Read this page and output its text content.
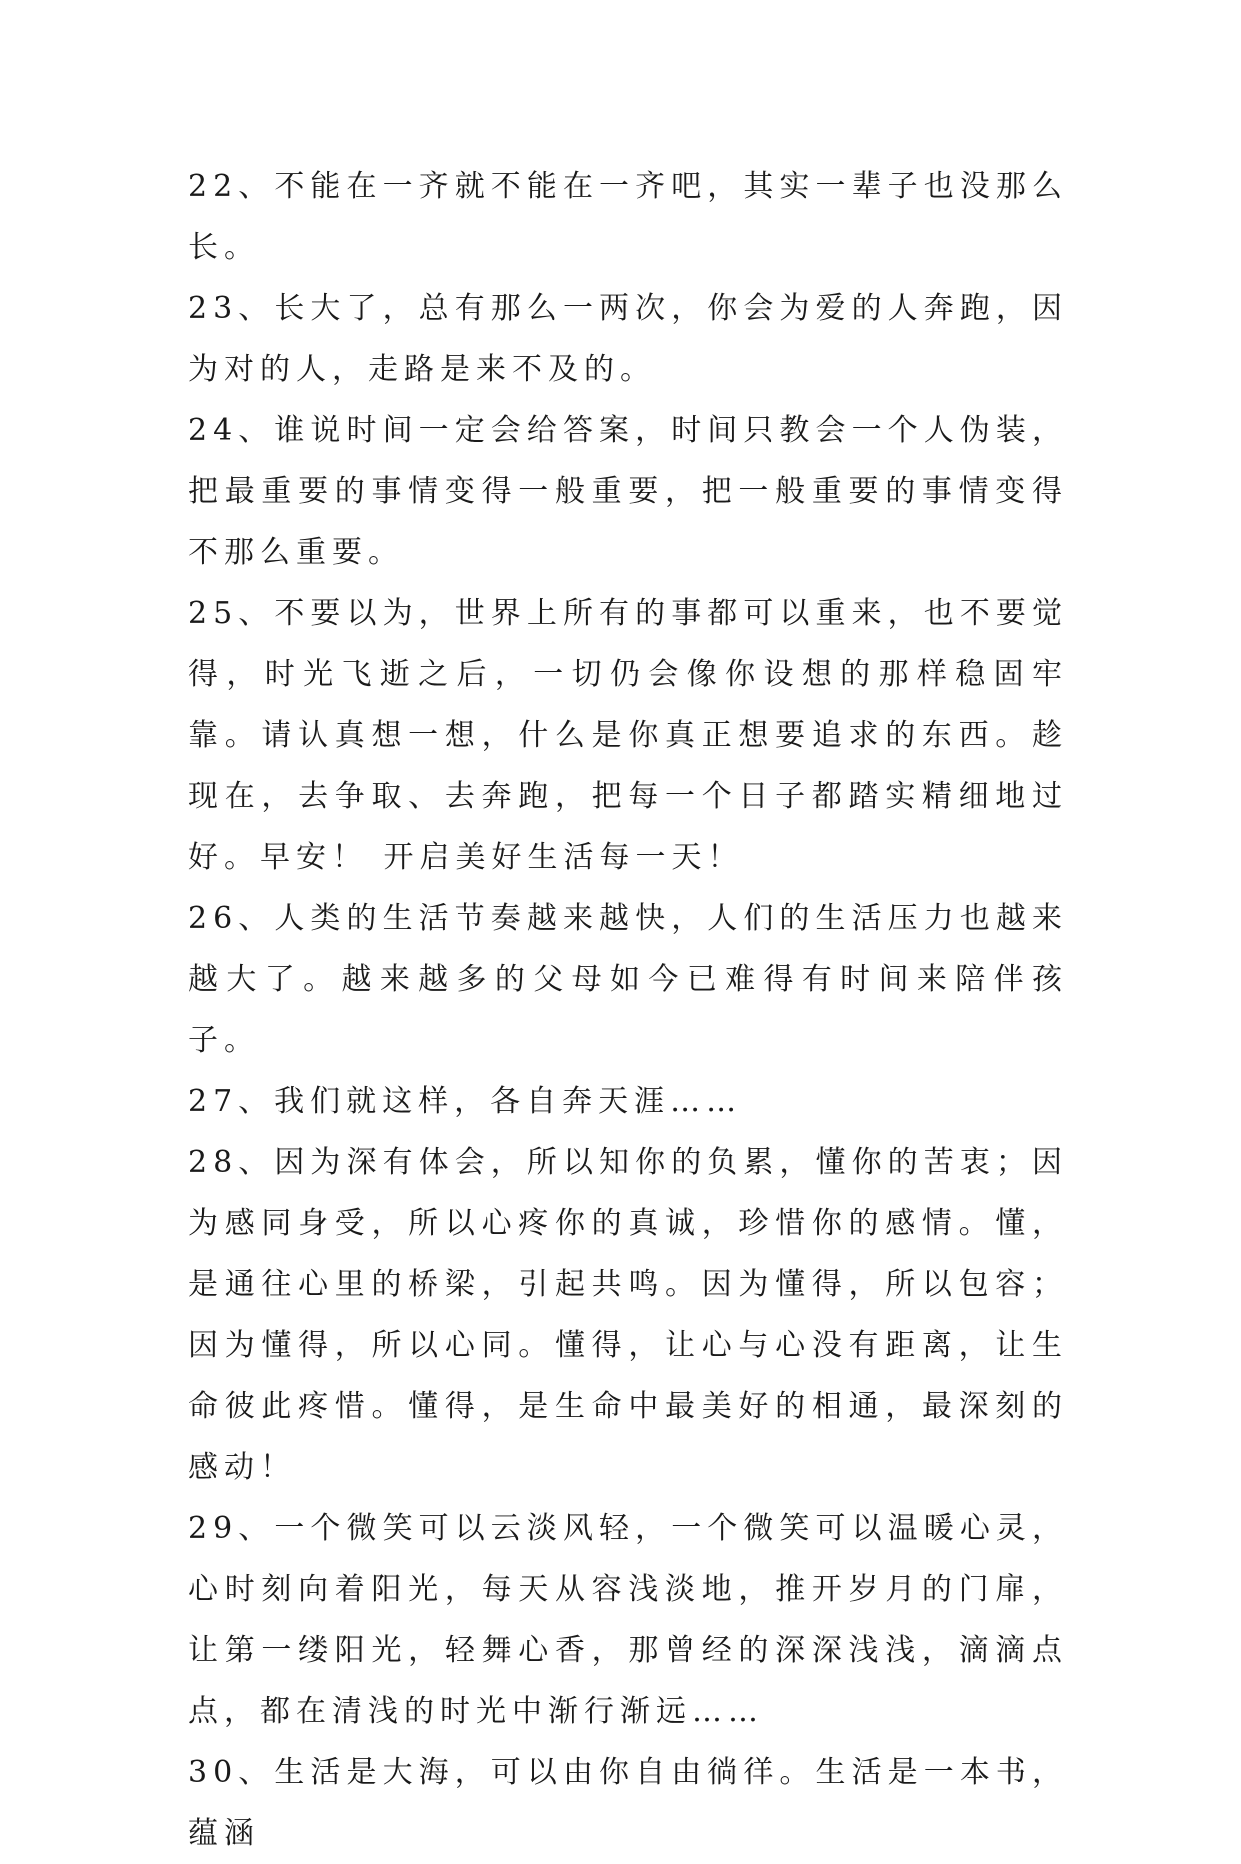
22、不能在一齐就不能在一齐吧，其实一辈子也没那么长。

23、长大了，总有那么一两次，你会为爱的人奔跑，因为对的人，走路是来不及的。

24、谁说时间一定会给答案，时间只教会一个人伪装，把最重要的事情变得一般重要，把一般重要的事情变得不那么重要。

25、不要以为，世界上所有的事都可以重来，也不要觉得，时光飞逝之后，一切仍会像你设想的那样稳固牢靠。请认真想一想，什么是你真正想要追求的东西。趁现在，去争取、去奔跑，把每一个日子都踏实精细地过好。早安！ 开启美好生活每一天！

26、人类的生活节奏越来越快，人们的生活压力也越来越大了。越来越多的父母如今已难得有时间来陪伴孩子。

27、我们就这样，各自奔天涯……

28、因为深有体会，所以知你的负累，懂你的苦衷；因为感同身受，所以心疼你的真诚，珍惜你的感情。懂，是通往心里的桥梁，引起共鸣。因为懂得，所以包容；因为懂得，所以心同。懂得，让心与心没有距离，让生命彼此疼惜。懂得，是生命中最美好的相通，最深刻的感动！

29、一个微笑可以云淡风轻，一个微笑可以温暖心灵，心时刻向着阳光，每天从容浅淡地，推开岁月的门扉，让第一缕阳光，轻舞心香，那曾经的深深浅浅，滴滴点点，都在清浅的时光中渐行渐远……

30、生活是大海，可以由你自由徜徉。生活是一本书，蕴涵
